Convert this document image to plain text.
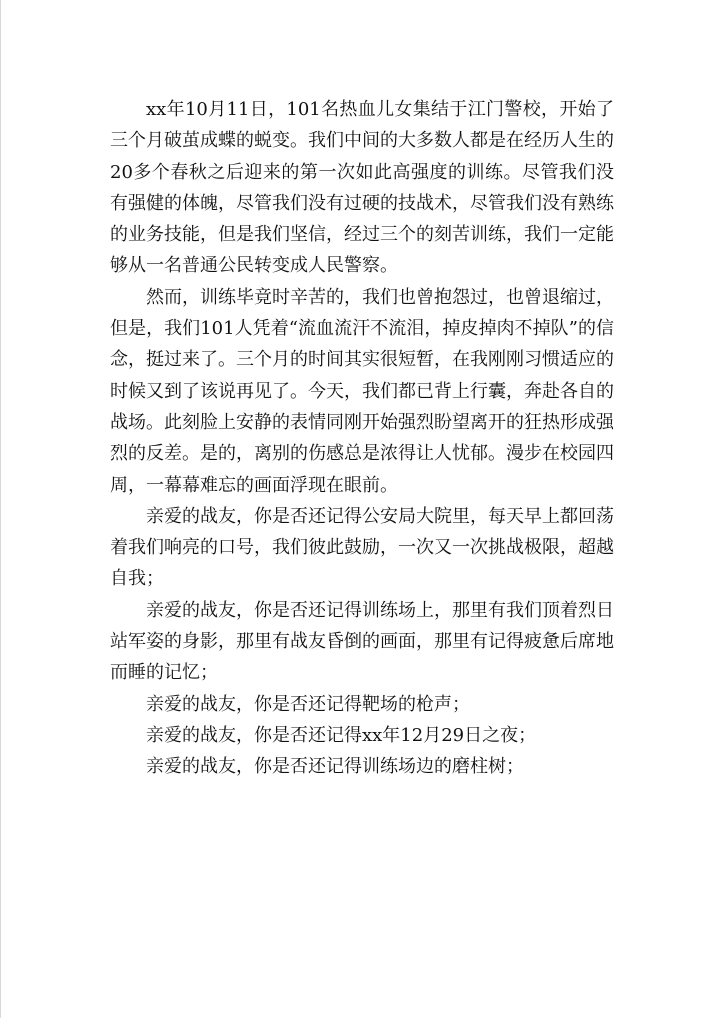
xx年10月11日，101名热血儿女集结于江门警校，开始了三个月破茧成蝶的蜕变。我们中间的大多数人都是在经历人生的20多个春秋之后迎来的第一次如此高强度的训练。尽管我们没有强健的体魄，尽管我们没有过硬的技战术，尽管我们没有熟练的业务技能，但是我们坚信，经过三个的刻苦训练，我们一定能够从一名普通公民转变成人民警察。

然而，训练毕竟时辛苦的，我们也曾抱怨过，也曾退缩过，但是，我们101人凭着“流血流汗不流泪，掉皮掉肉不掉队”的信念，挺过来了。三个月的时间其实很短暂，在我刚刚习惯适应的时候又到了该说再见了。今天，我们都已背上行囊，奔赴各自的战场。此刻脸上安静的表情同刚开始强烈盼望离开的狂热形成强烈的反差。是的，离别的伤感总是浓得让人忧郁。漫步在校园四周，一幕幕难忘的画面浮现在眼前。

亲爱的战友，你是否还记得公安局大院里，每天早上都回荡着我们响亮的口号，我们彼此鼓励，一次又一次挑战极限，超越自我；

亲爱的战友，你是否还记得训练场上，那里有我们顶着烈日站军姿的身影，那里有战友昏倒的画面，那里有记得疲惫后席地而睡的记忆；

亲爱的战友，你是否还记得靶场的枪声；

亲爱的战友，你是否还记得xx年12月29日之夜；

亲爱的战友，你是否还记得训练场边的磨柱树；
